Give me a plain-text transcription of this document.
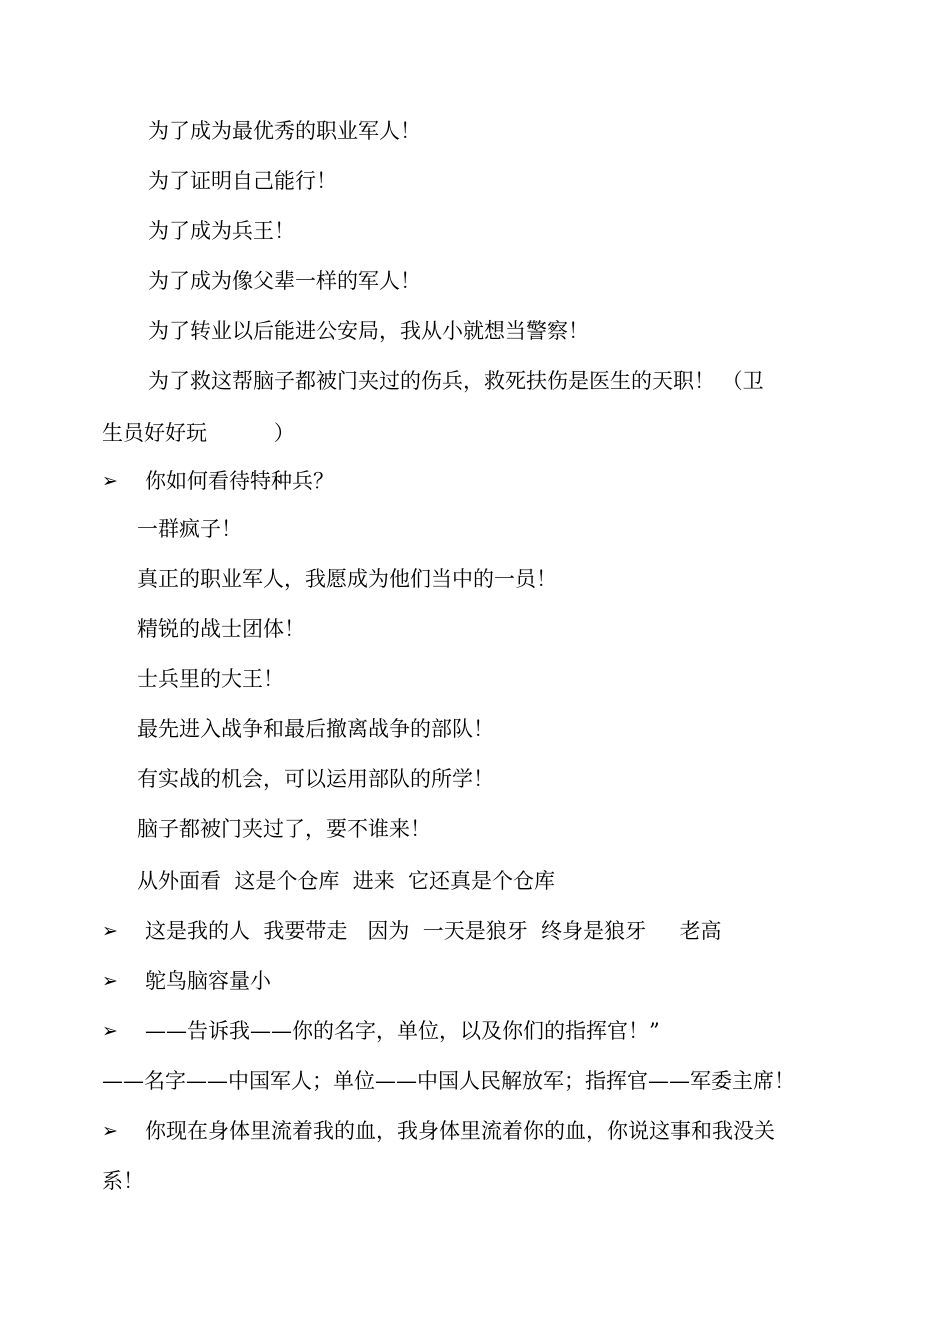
为了成为最优秀的职业军人！
为了证明自己能行！
为了成为兵王！
为了成为像父辈一样的军人！
为了转业以后能进公安局，我从小就想当警察！
为了救这帮脑子都被门夹过的伤兵，救死扶伤是医生的天职！ （卫
生员好好玩          ）
➢ 你如何看待特种兵？
一群疯子！
真正的职业军人，我愿成为他们当中的一员！
精锐的战士团体！
士兵里的大王！
最先进入战争和最后撤离战争的部队！
有实战的机会，可以运用部队的所学！
脑子都被门夹过了，要不谁来！
从外面看  这是个仓库  进来  它还真是个仓库
➢ 这是我的人  我要带走   因为  一天是狼牙  终身是狼牙     老高
➢ 鸵鸟脑容量小
➢ ——告诉我——你的名字，单位，以及你们的指挥官！”
——名字——中国军人；单位——中国人民解放军；指挥官——军委主席！
➢ 你现在身体里流着我的血，我身体里流着你的血，你说这事和我没关
系！
